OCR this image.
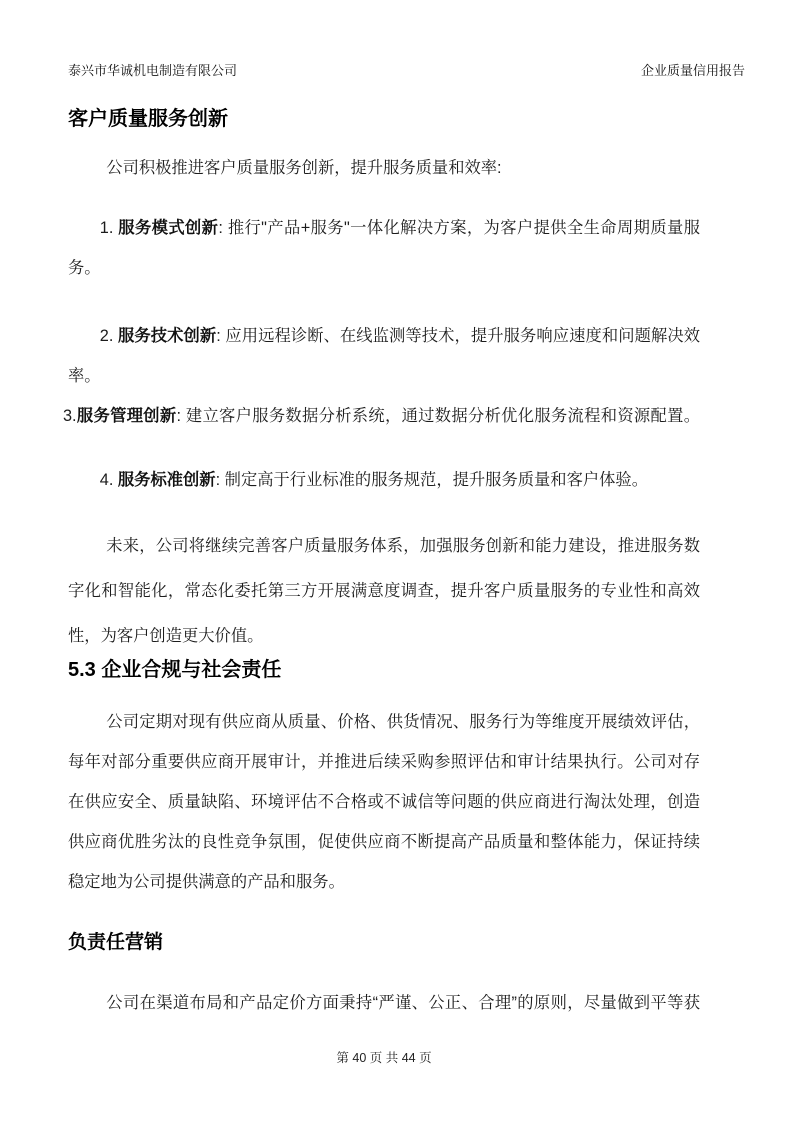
泰兴市华诚机电制造有限公司	企业质量信用报告
客户质量服务创新

公司积极推进客户质量服务创新，提升服务质量和效率:

1. 服务模式创新: 推行"产品+服务"一体化解决方案，为客户提供全生命周期质量服务。

2. 服务技术创新: 应用远程诊断、在线监测等技术，提升服务响应速度和问题解决效率。

3.服务管理创新: 建立客户服务数据分析系统，通过数据分析优化服务流程和资源配置。

4. 服务标准创新: 制定高于行业标准的服务规范，提升服务质量和客户体验。

未来，公司将继续完善客户质量服务体系，加强服务创新和能力建设，推进服务数字化和智能化，常态化委托第三方开展满意度调查，提升客户质量服务的专业性和高效性，为客户创造更大价值。

5.3 企业合规与社会责任

公司定期对现有供应商从质量、价格、供货情况、服务行为等维度开展绩效评估，每年对部分重要供应商开展审计，并推进后续采购参照评估和审计结果执行。公司对存在供应安全、质量缺陷、环境评估不合格或不诚信等问题的供应商进行淘汰处理，创造供应商优胜劣汰的良性竞争氛围，促使供应商不断提高产品质量和整体能力，保证持续稳定地为公司提供满意的产品和服务。

负责任营销

公司在渠道布局和产品定价方面秉持“严谨、公正、合理”的原则，尽量做到平等获

第 40 页 共 44 页
